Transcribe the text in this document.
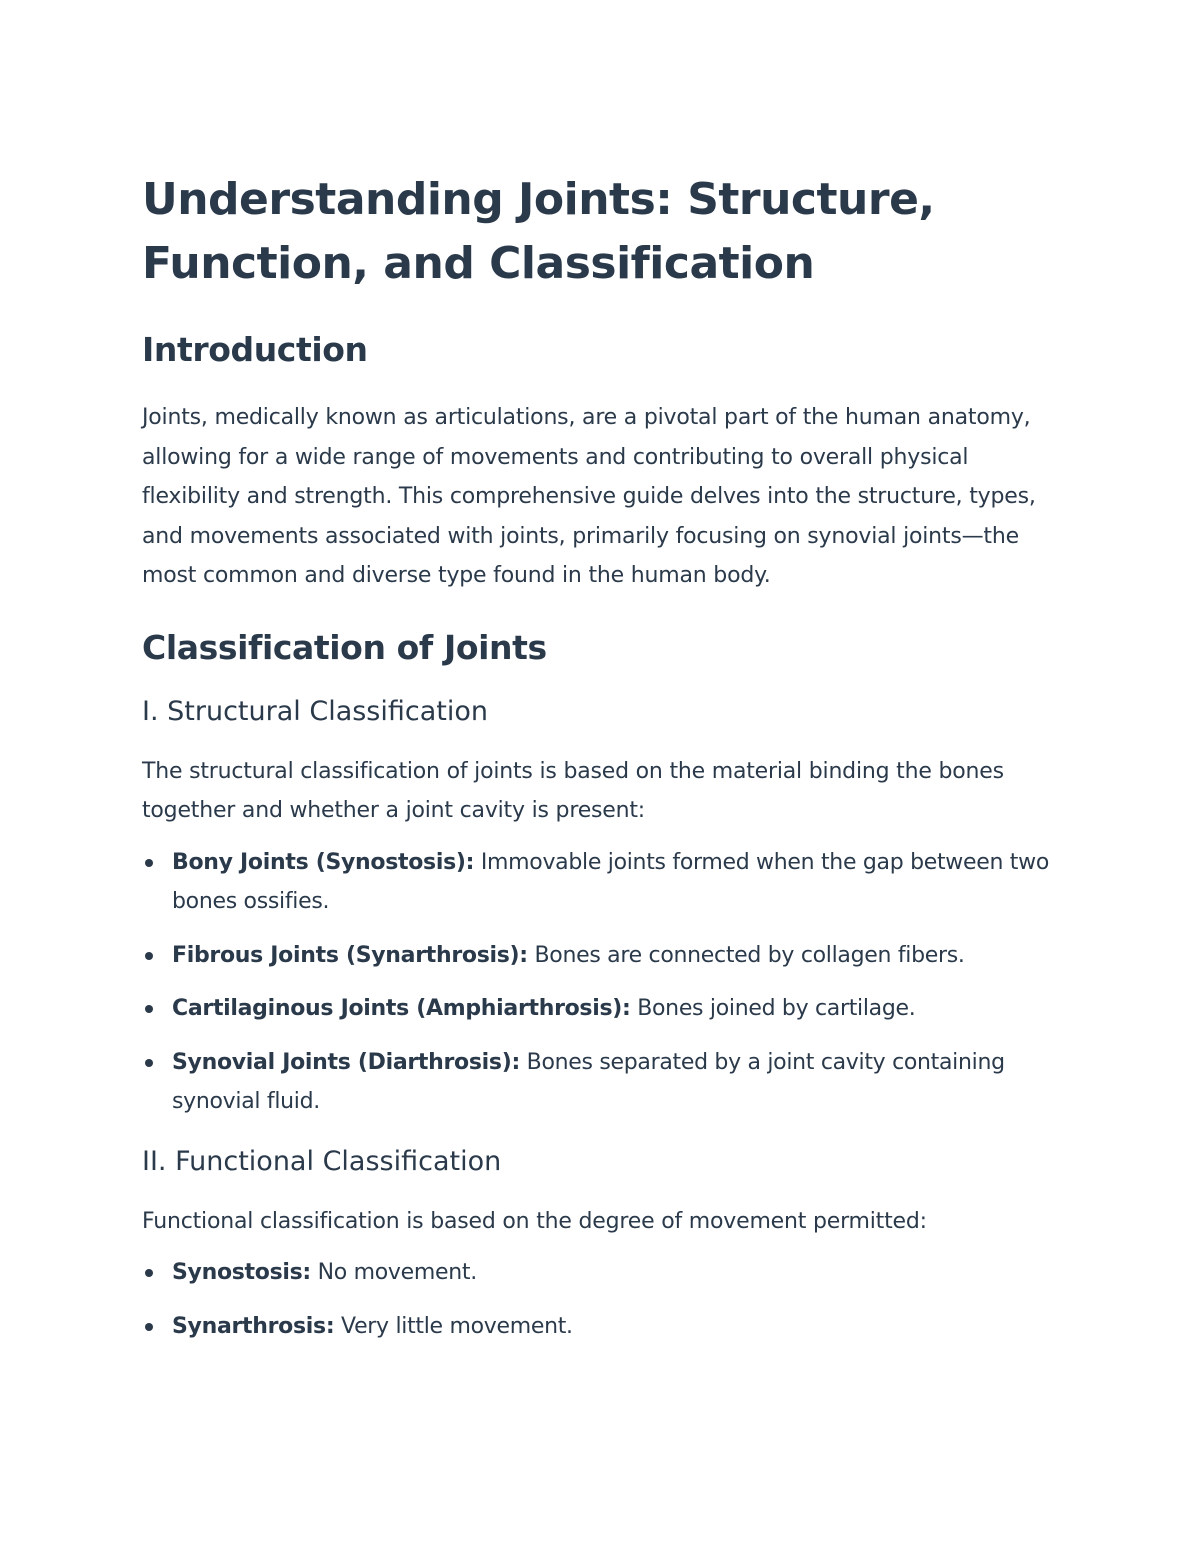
Understanding Joints: Structure, Function, and Classification
Introduction

Joints, medically known as articulations, are a pivotal part of the human anatomy, allowing for a wide range of movements and contributing to overall physical flexibility and strength. This comprehensive guide delves into the structure, types, and movements associated with joints, primarily focusing on synovial joints—the most common and diverse type found in the human body.

Classification of Joints
I. Structural Classification

The structural classification of joints is based on the material binding the bones together and whether a joint cavity is present:

Bony Joints (Synostosis): Immovable joints formed when the gap between two bones ossifies.
Fibrous Joints (Synarthrosis): Bones are connected by collagen fibers.
Cartilaginous Joints (Amphiarthrosis): Bones joined by cartilage.
Synovial Joints (Diarthrosis): Bones separated by a joint cavity containing synovial fluid.
II. Functional Classification

Functional classification is based on the degree of movement permitted:

Synostosis: No movement.
Synarthrosis: Very little movement.
